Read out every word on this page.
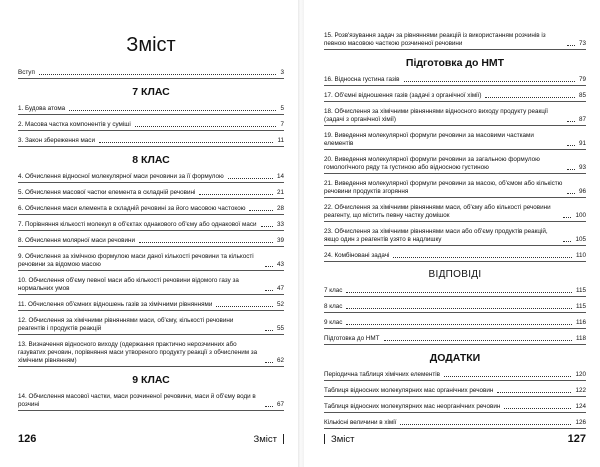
Зміст
Вступ	3
7 КЛАС
1. Будова атома	5
2. Масова частка компонентів у суміші	7
3. Закон збереження маси	11
8 КЛАС
4. Обчислення відносної молекулярної маси речовини за її формулою	14
5. Обчислення масової частки елемента в складній речовині	21
6. Обчислення маси елемента в складній речовині за його масовою частокою	28
7. Порівняння кількості молекул в об'єктах однакового об'єму або однакової маси	33
8. Обчислення молярної маси речовини	39
9. Обчислення за хімічною формулою маси даної кількості речовини та кількості речовини за відомою масою	43
10. Обчислення об'єму певної маси або кількості речовини відомого газу за нормальних умов	47
11. Обчислення об'ємних відношень газів за хімічними рівняннями	52
12. Обчислення за хімічними рівняннями маси, об'єму, кількості речовини реагентів і продуктів реакцій	55
13. Визначення відносного виходу (одержання практично нерозчинних або газуватих речовин, порівняння маси утвореного продукту реакції з обчисленим за хімічним рівнянням)	62
9 КЛАС
14. Обчислення масової частки, маси розчиненої речовини, маси й об'єму води в розчині	67
126	Зміст
15. Розв'язування задач за рівняннями реакцій із використанням розчинів із певною масовою часткою розчиненої речовини	73
Підготовка до НМТ
16. Відносна густина газів	79
17. Об'ємні відношення газів (задачі з органічної хімії)	85
18. Обчислення за хімічними рівняннями відносного виходу продукту реакції (задачі з органічної хімії)	87
19. Виведення молекулярної формули речовини за масовими частками елементів	91
20. Виведення молекулярної формули речовини за загальною формулою гомологічного ряду та густиною або відносною густиною	93
21. Виведення молекулярної формули речовини за масою, об'ємом або кількістю речовини продуктів згоряння	96
22. Обчислення за хімічними рівняннями маси, об'єму або кількості речовини реагенту, що містить певну частку домішок	100
23. Обчислення за хімічними рівняннями маси або об'єму продуктів реакцій, якщо один з реагентів узято в надлишку	105
24. Комбіновані задачі	110
ВІДПОВІДІ
7 клас	115
8 клас	115
9 клас	116
Підготовка до НМТ	118
ДОДАТКИ
Періодична таблиця хімічних елементів	120
Таблиця відносних молекулярних мас органічних речовин	122
Таблиця відносних молекулярних мас неорганічних речовин	124
Кількісні величини в хімії	126
Зміст	127
